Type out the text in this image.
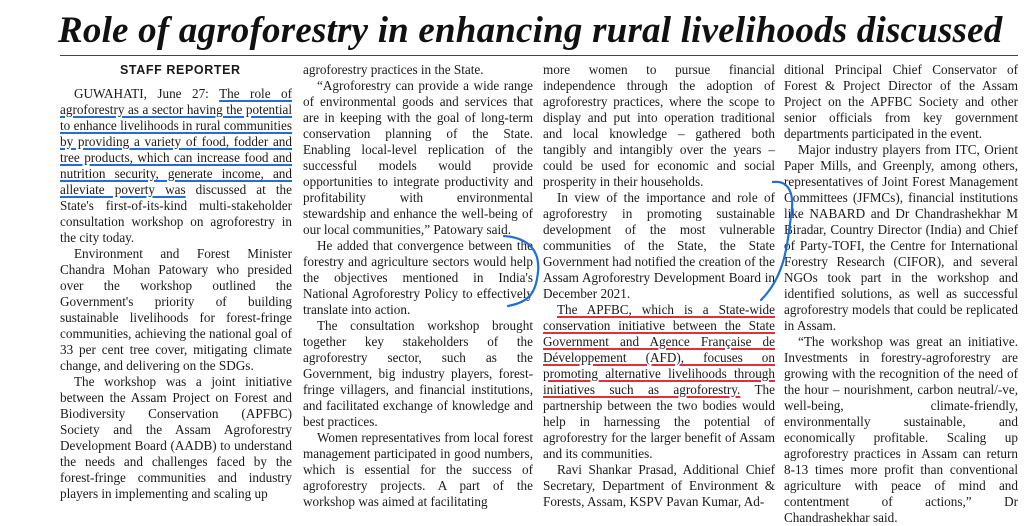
Role of agroforestry in enhancing rural livelihoods discussed
STAFF REPORTER

GUWAHATI, June 27: The role of agroforestry as a sector having the potential to enhance livelihoods in rural communities by providing a variety of food, fodder and tree products, which can increase food and nutrition security, generate income, and alleviate poverty was discussed at the State's first-of-its-kind multi-stakeholder consultation workshop on agroforestry in the city today.

Environment and Forest Minister Chandra Mohan Patowary who presided over the workshop outlined the Government's priority of building sustainable livelihoods for forest-fringe communities, achieving the national goal of 33 per cent tree cover, mitigating climate change, and delivering on the SDGs.

The workshop was a joint initiative between the Assam Project on Forest and Biodiversity Conservation (APFBC) Society and the Assam Agroforestry Development Board (AADB) to understand the needs and challenges faced by the forest-fringe communities and industry players in implementing and scaling up

agroforestry practices in the State.

“Agroforestry can provide a wide range of environmental goods and services that are in keeping with the goal of long-term conservation planning of the State. Enabling local-level replication of the successful models would provide opportunities to integrate productivity and profitability with environmental stewardship and enhance the well-being of our local communities,” Patowary said.

He added that convergence between the forestry and agriculture sectors would help the objectives mentioned in India's National Agroforestry Policy to effectively translate into action.

The consultation workshop brought together key stakeholders of the agroforestry sector, such as the Government, big industry players, forest-fringe villagers, and financial institutions, and facilitated exchange of knowledge and best practices.

Women representatives from local forest management participated in good numbers, which is essential for the success of agroforestry projects. A part of the workshop was aimed at facilitating

more women to pursue financial independence through the adoption of agroforestry practices, where the scope to display and put into operation traditional and local knowledge – gathered both tangibly and intangibly over the years – could be used for economic and social prosperity in their households.

In view of the importance and role of agroforestry in promoting sustainable development of the most vulnerable communities of the State, the State Government had notified the creation of the Assam Agroforestry Development Board in December 2021.

The APFBC, which is a State-wide conservation initiative between the State Government and Agence Française de Développement (AFD), focuses on promoting alternative livelihoods through initiatives such as agroforestry. The partnership between the two bodies would help in harnessing the potential of agroforestry for the larger benefit of Assam and its communities.

Ravi Shankar Prasad, Additional Chief Secretary, Department of Environment & Forests, Assam, KSPV Pavan Kumar, Ad-

ditional Principal Chief Conservator of Forest & Project Director of the Assam Project on the APFBC Society and other senior officials from key government departments participated in the event.

Major industry players from ITC, Orient Paper Mills, and Greenply, among others, representatives of Joint Forest Management Committees (JFMCs), financial institutions like NABARD and Dr Chandrashekhar M Biradar, Country Director (India) and Chief of Party-TOFI, the Centre for International Forestry Research (CIFOR), and several NGOs took part in the workshop and identified solutions, as well as successful agroforestry models that could be replicated in Assam.

“The workshop was great an initiative. Investments in forestry-agroforestry are growing with the recognition of the need of the hour – nourishment, carbon neutral/-ve, well-being, climate-friendly, environmentally sustainable, and economically profitable. Scaling up agroforestry practices in Assam can return 8-13 times more profit than conventional agriculture with peace of mind and contentment of actions,” Dr Chandrashekhar said.
